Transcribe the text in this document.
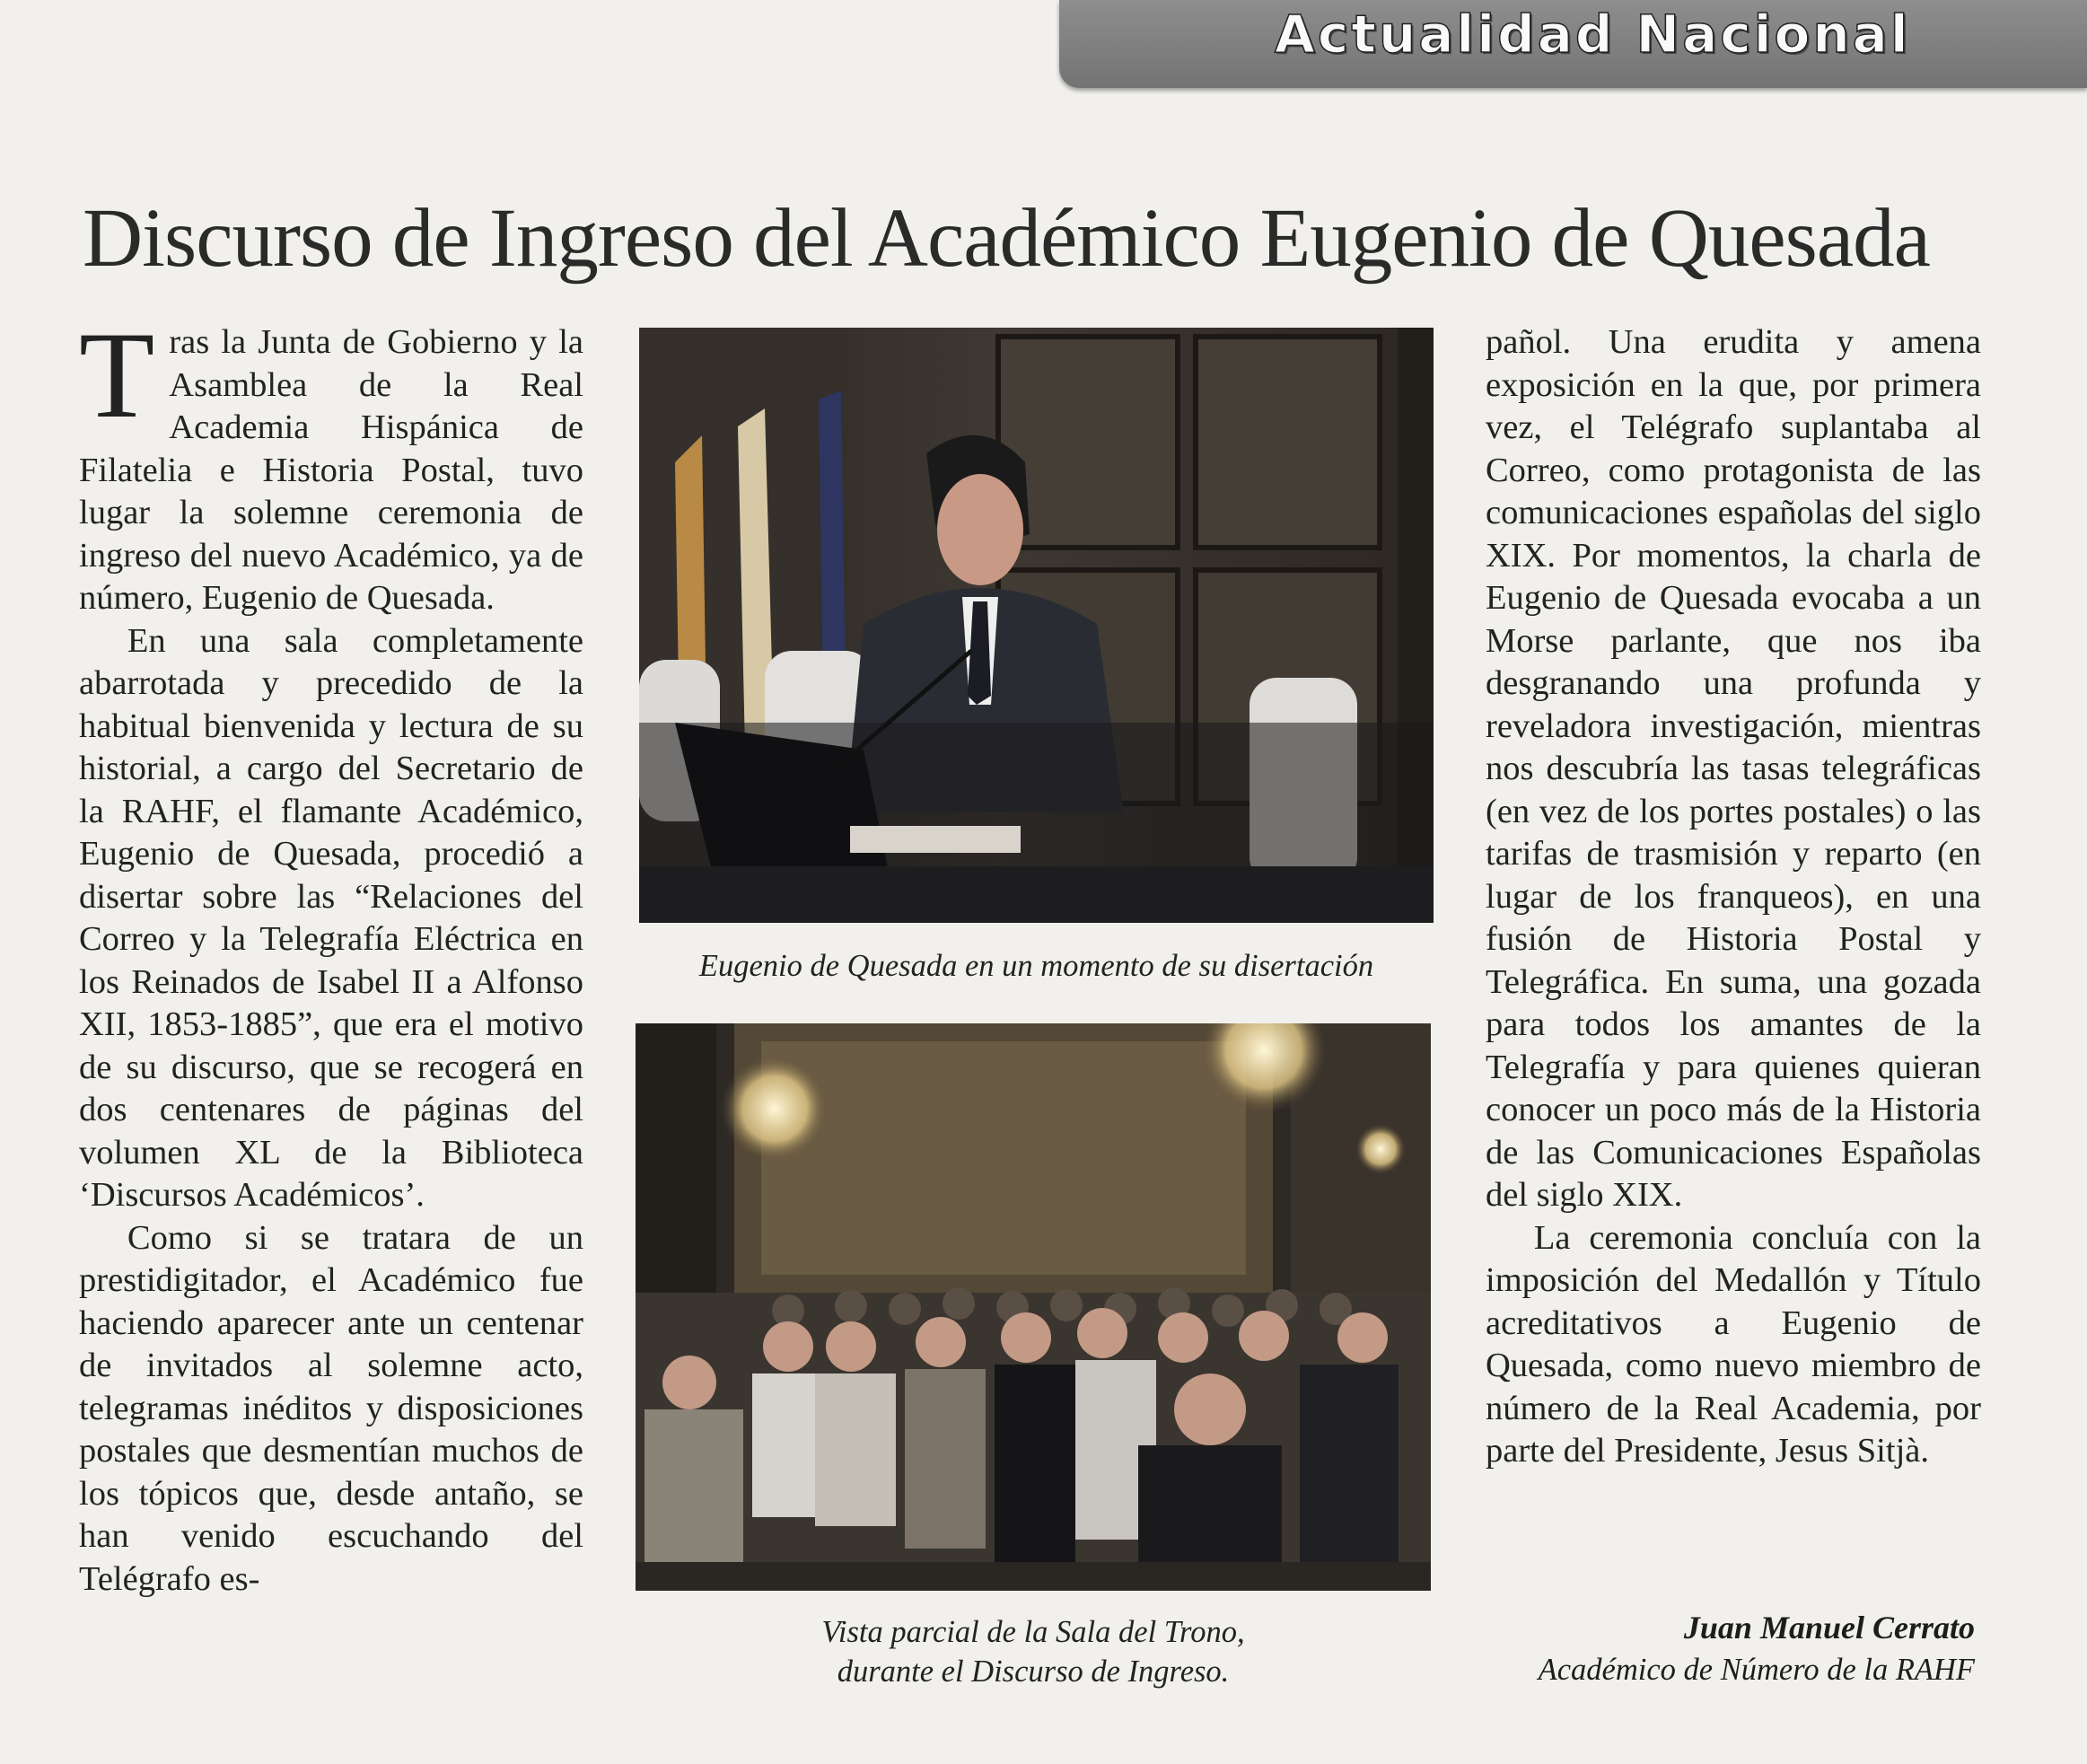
Actualidad Nacional
Discurso de Ingreso del Académico Eugenio de Quesada

Tras la Junta de Gobierno y la Asamblea de la Real Academia Hispánica de Filatelia e Historia Postal, tuvo lugar la solemne ceremonia de ingreso del nuevo Académico, ya de número, Eugenio de Quesada.

En una sala completamente abarrotada y precedido de la habitual bienvenida y lectura de su historial, a cargo del Secretario de la RAHF, el flamante Académico, Eugenio de Quesada, procedió a disertar sobre las “Relaciones del Correo y la Telegrafía Eléctrica en los Reinados de Isabel II a Alfonso XII, 1853-1885”, que era el motivo de su discurso, que se recogerá en dos centenares de páginas del volumen XL de la Biblioteca ‘Discursos Académicos’.

Como si se tratara de un prestidigitador, el Académico fue haciendo aparecer ante un centenar de invitados al solemne acto, telegramas inéditos y disposiciones postales que desmentían muchos de los tópicos que, desde antaño, se han venido escuchando del Telégrafo es-

Eugenio de Quesada en un momento de su disertación
Vista parcial de la Sala del Trono,
durante el Discurso de Ingreso.

pañol. Una erudita y amena exposición en la que, por primera vez, el Telégrafo suplantaba al Correo, como protagonista de las comunicaciones españolas del siglo XIX. Por momentos, la charla de Eugenio de Quesada evocaba a un Morse parlante, que nos iba desgranando una profunda y reveladora investigación, mientras nos descubría las tasas telegráficas (en vez de los portes postales) o las tarifas de trasmisión y reparto (en lugar de los franqueos), en una fusión de Historia Postal y Telegráfica. En suma, una gozada para todos los amantes de la Telegrafía y para quienes quieran conocer un poco más de la Historia de las Comunicaciones Españolas del siglo XIX.

La ceremonia concluía con la imposición del Medallón y Título acreditativos a Eugenio de Quesada, como nuevo miembro de número de la Real Academia, por parte del Presidente, Jesus Sitjà.

Juan Manuel Cerrato
Académico de Número de la RAHF
